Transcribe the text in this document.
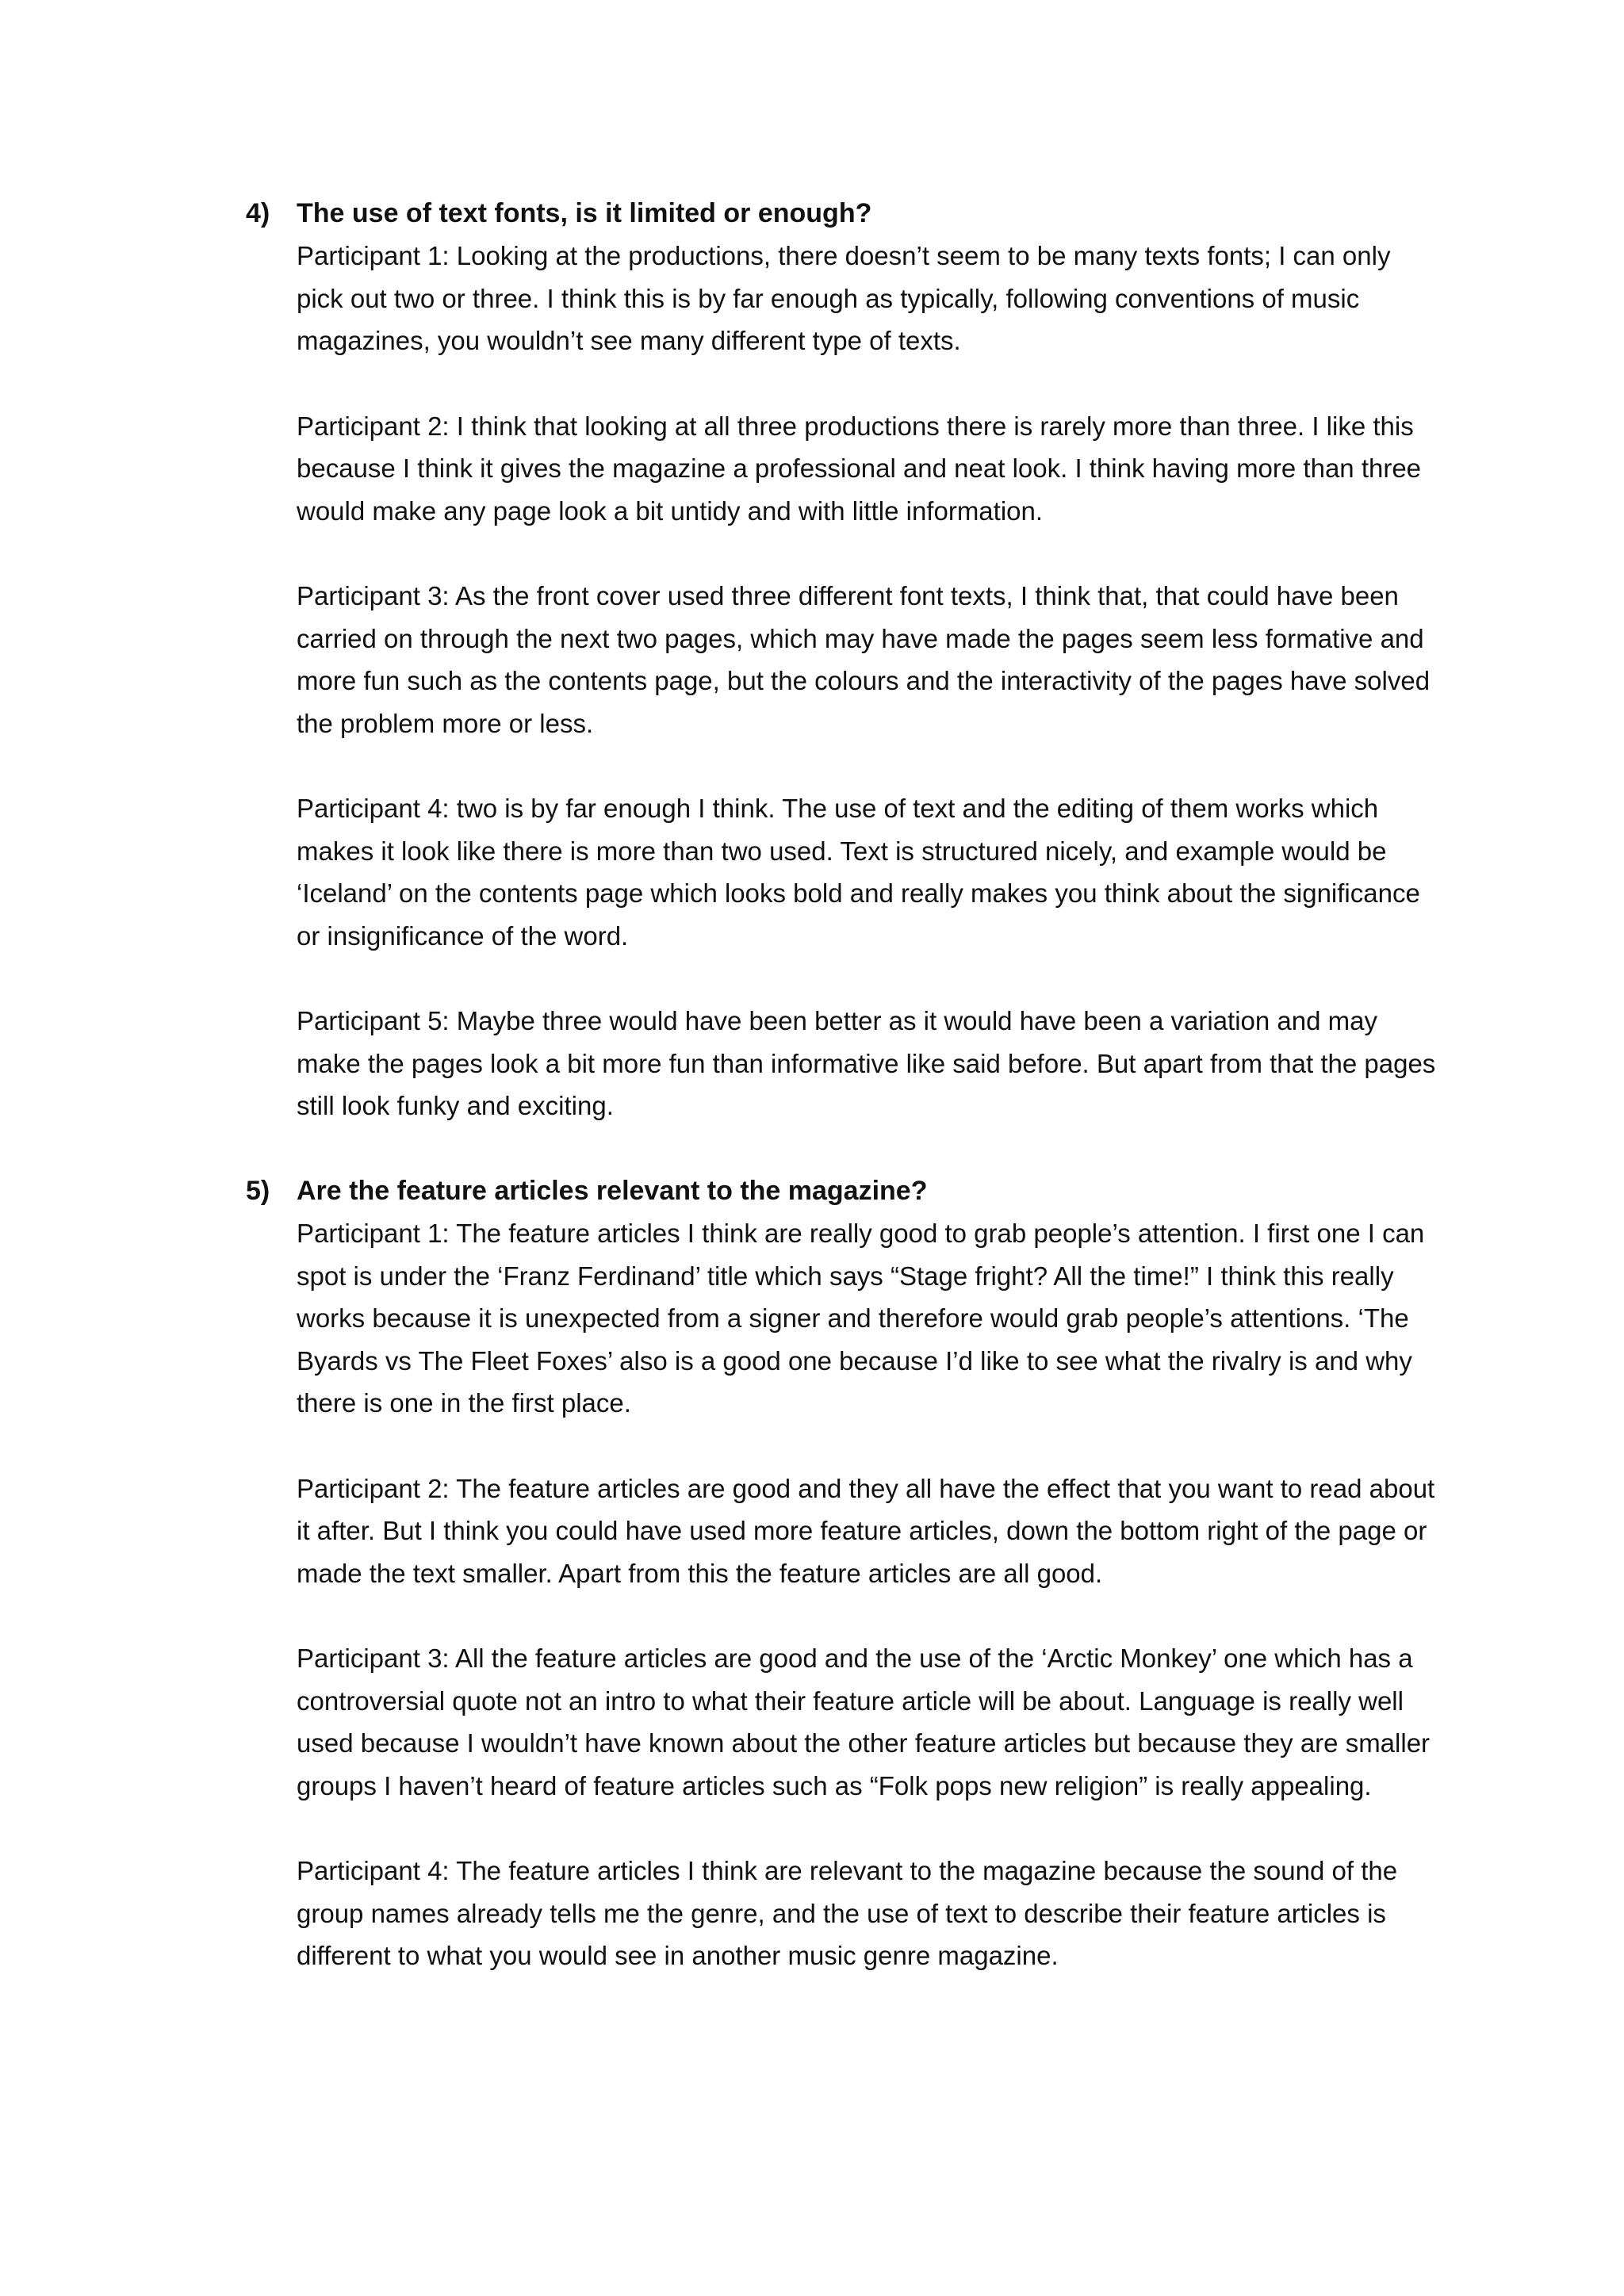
4) The use of text fonts, is it limited or enough?

Participant 1: Looking at the productions, there doesn’t seem to be many texts fonts; I can only pick out two or three. I think this is by far enough as typically, following conventions of music magazines, you wouldn’t see many different type of texts.

Participant 2: I think that looking at all three productions there is rarely more than three. I like this because I think it gives the magazine a professional and neat look. I think having more than three would make any page look a bit untidy and with little information.

Participant 3: As the front cover used three different font texts, I think that, that could have been carried on through the next two pages, which may have made the pages seem less formative and more fun such as the contents page, but the colours and the interactivity of the pages have solved the problem more or less.

Participant 4: two is by far enough I think. The use of text and the editing of them works which makes it look like there is more than two used. Text is structured nicely, and example would be ‘Iceland’ on the contents page which looks bold and really makes you think about the significance or insignificance of the word.

Participant 5: Maybe three would have been better as it would have been a variation and may make the pages look a bit more fun than informative like said before. But apart from that the pages still look funky and exciting.

5) Are the feature articles relevant to the magazine?

Participant 1: The feature articles I think are really good to grab people’s attention. I first one I can spot is under the ‘Franz Ferdinand’ title which says “Stage fright? All the time!” I think this really works because it is unexpected from a signer and therefore would grab people’s attentions. ‘The Byards vs The Fleet Foxes’ also is a good one because I’d like to see what the rivalry is and why there is one in the first place.

Participant 2: The feature articles are good and they all have the effect that you want to read about it after. But I think you could have used more feature articles, down the bottom right of the page or made the text smaller. Apart from this the feature articles are all good.

Participant 3: All the feature articles are good and the use of the ‘Arctic Monkey’ one which has a controversial quote not an intro to what their feature article will be about. Language is really well used because I wouldn’t have known about the other feature articles but because they are smaller groups I haven’t heard of feature articles such as “Folk pops new religion” is really appealing.

Participant 4: The feature articles I think are relevant to the magazine because the sound of the group names already tells me the genre, and the use of text to describe their feature articles is different to what you would see in another music genre magazine.
